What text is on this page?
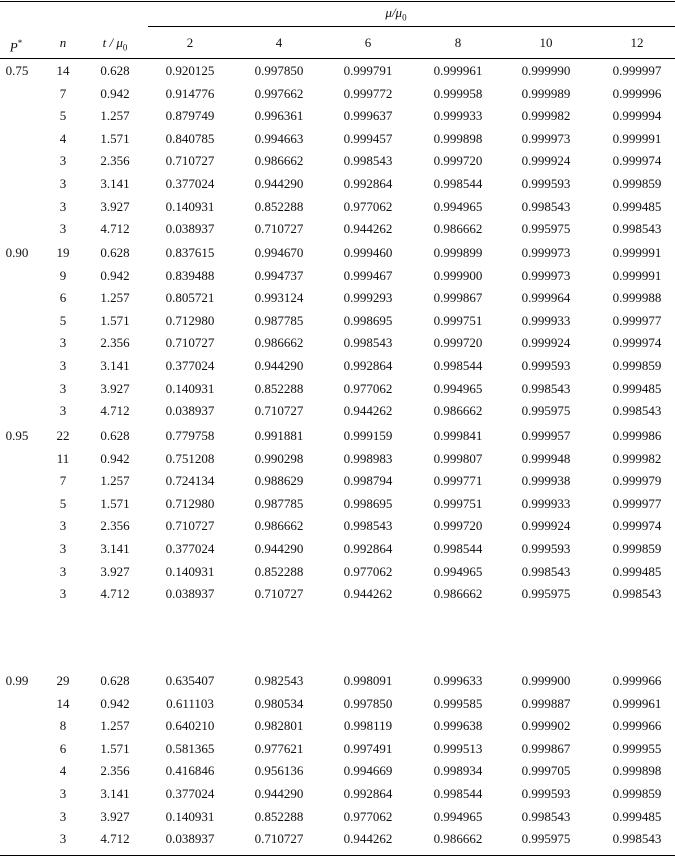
$\mu/\mu_0$
P*	n	t / $\mu_0$	2	4	6	8	10	12
0.75 14 0.628	0.920125	0.997850	0.999791	0.999961	0.999990	0.999997
7	0.942	0.914776	0.997662	0.999772	0.999958	0.999989	0.999996
5	1.257	0.879749	0.996361	0.999637	0.999933	0.999982	0.999994
4	1.571	0.840785	0.994663	0.999457	0.999898	0.999973	0.999991
3	2.356	0.710727	0.986662	0.998543	0.999720	0.999924	0.999974
3	3.141	0.377024	0.944290	0.992864	0.998544	0.999593	0.999859
3	3.927	0.140931	0.852288	0.977062	0.994965	0.998543	0.999485
3	4.712	0.038937	0.710727	0.944262	0.986662	0.995975	0.998543
0.90 19 0.628	0.837615	0.994670	0.999460	0.999899	0.999973	0.999991
9	0.942	0.839488	0.994737	0.999467	0.999900	0.999973	0.999991
6	1.257	0.805721	0.993124	0.999293	0.999867	0.999964	0.999988
5	1.571	0.712980	0.987785	0.998695	0.999751	0.999933	0.999977
3	2.356	0.710727	0.986662	0.998543	0.999720	0.999924	0.999974
3	3.141	0.377024	0.944290	0.992864	0.998544	0.999593	0.999859
3	3.927	0.140931	0.852288	0.977062	0.994965	0.998543	0.999485
3	4.712	0.038937	0.710727	0.944262	0.986662	0.995975	0.998543
0.95 22 0.628	0.779758	0.991881	0.999159	0.999841	0.999957	0.999986
11 0.942	0.751208	0.990298	0.998983	0.999807	0.999948	0.999982
7	1.257	0.724134	0.988629	0.998794	0.999771	0.999938	0.999979
5	1.571	0.712980	0.987785	0.998695	0.999751	0.999933	0.999977
3	2.356	0.710727	0.986662	0.998543	0.999720	0.999924	0.999974
3	3.141	0.377024	0.944290	0.992864	0.998544	0.999593	0.999859
3	3.927	0.140931	0.852288	0.977062	0.994965	0.998543	0.999485
3	4.712	0.038937	0.710727	0.944262	0.986662	0.995975	0.998543
0.99 29 0.628	0.635407	0.982543	0.998091	0.999633	0.999900	0.999966
14 0.942	0.611103	0.980534	0.997850	0.999585	0.999887	0.999961
8	1.257	0.640210	0.982801	0.998119	0.999638	0.999902	0.999966
6	1.571	0.581365	0.977621	0.997491	0.999513	0.999867	0.999955
4	2.356	0.416846	0.956136	0.994669	0.998934	0.999705	0.999898
3	3.141	0.377024	0.944290	0.992864	0.998544	0.999593	0.999859
3	3.927	0.140931	0.852288	0.977062	0.994965	0.998543	0.999485
3	4.712	0.038937	0.710727	0.944262	0.986662	0.995975	0.998543
